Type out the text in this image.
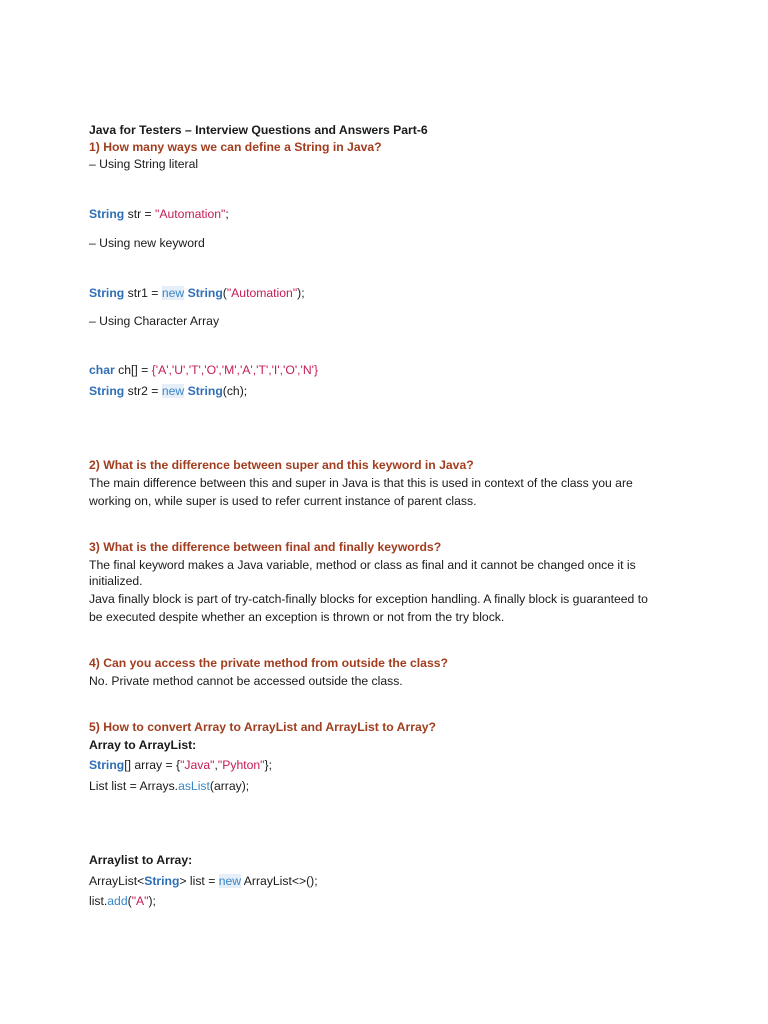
Java for Testers – Interview Questions and Answers Part-6
1) How many ways we can define a String in Java?
– Using String literal
String str = "Automation";
– Using new keyword
String str1 = new String("Automation");
– Using Character Array
char ch[] = {'A','U','T','O','M','A','T','I','O','N'}
String str2 = new String(ch);
2) What is the difference between super and this keyword in Java?
The main difference between this and super in Java is that this is used in context of the class you are
working on, while super is used to refer current instance of parent class.
3) What is the difference between final and finally keywords?
The final keyword makes a Java variable, method or class as final and it cannot be changed once it is
initialized.
Java finally block is part of try-catch-finally blocks for exception handling. A finally block is guaranteed to
be executed despite whether an exception is thrown or not from the try block.
4) Can you access the private method from outside the class?
No. Private method cannot be accessed outside the class.
5) How to convert Array to ArrayList and ArrayList to Array?
Array to ArrayList:
String[] array = {"Java","Pyhton"};
List list = Arrays.asList(array);
Arraylist to Array:
ArrayList<String> list = new ArrayList<>();
list.add("A");
